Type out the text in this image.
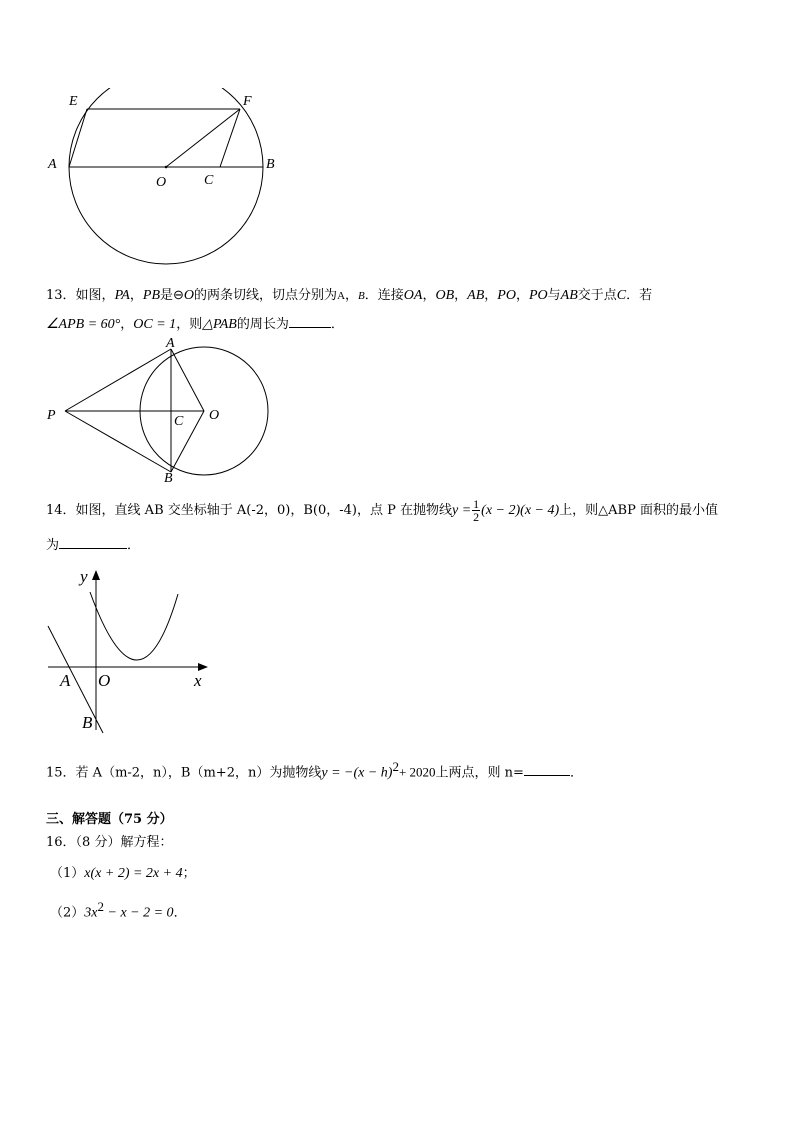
E	F
A	B
O	C
13．如图，PA，PB是⊖O的两条切线，切点分别为A，B．连接OA，OB，AB，PO，PO与AB交于点C．若
∠APB = 60°，OC = 1，则△PAB的周长为	．
A
P	C O
B
14．如图，直线 AB 交坐标轴于 A(-2，0)，B(0，-4)，点 P 在抛物线$y = \frac{1}{2} (x - 2)(x - 4)$上，则△ABP 面积的最小值
为	．
y
x
O
A
B
15．若 A（m-2，n），B（m+2，n）为抛物线$y = -(x - h)^2+ 2020$上两点，则 n=	．
三、解答题（75 分）
16．（8 分）解方程：
（1）x(x + 2) = 2x + 4；
$(2)3x^2 - x - 2 = 0$．
